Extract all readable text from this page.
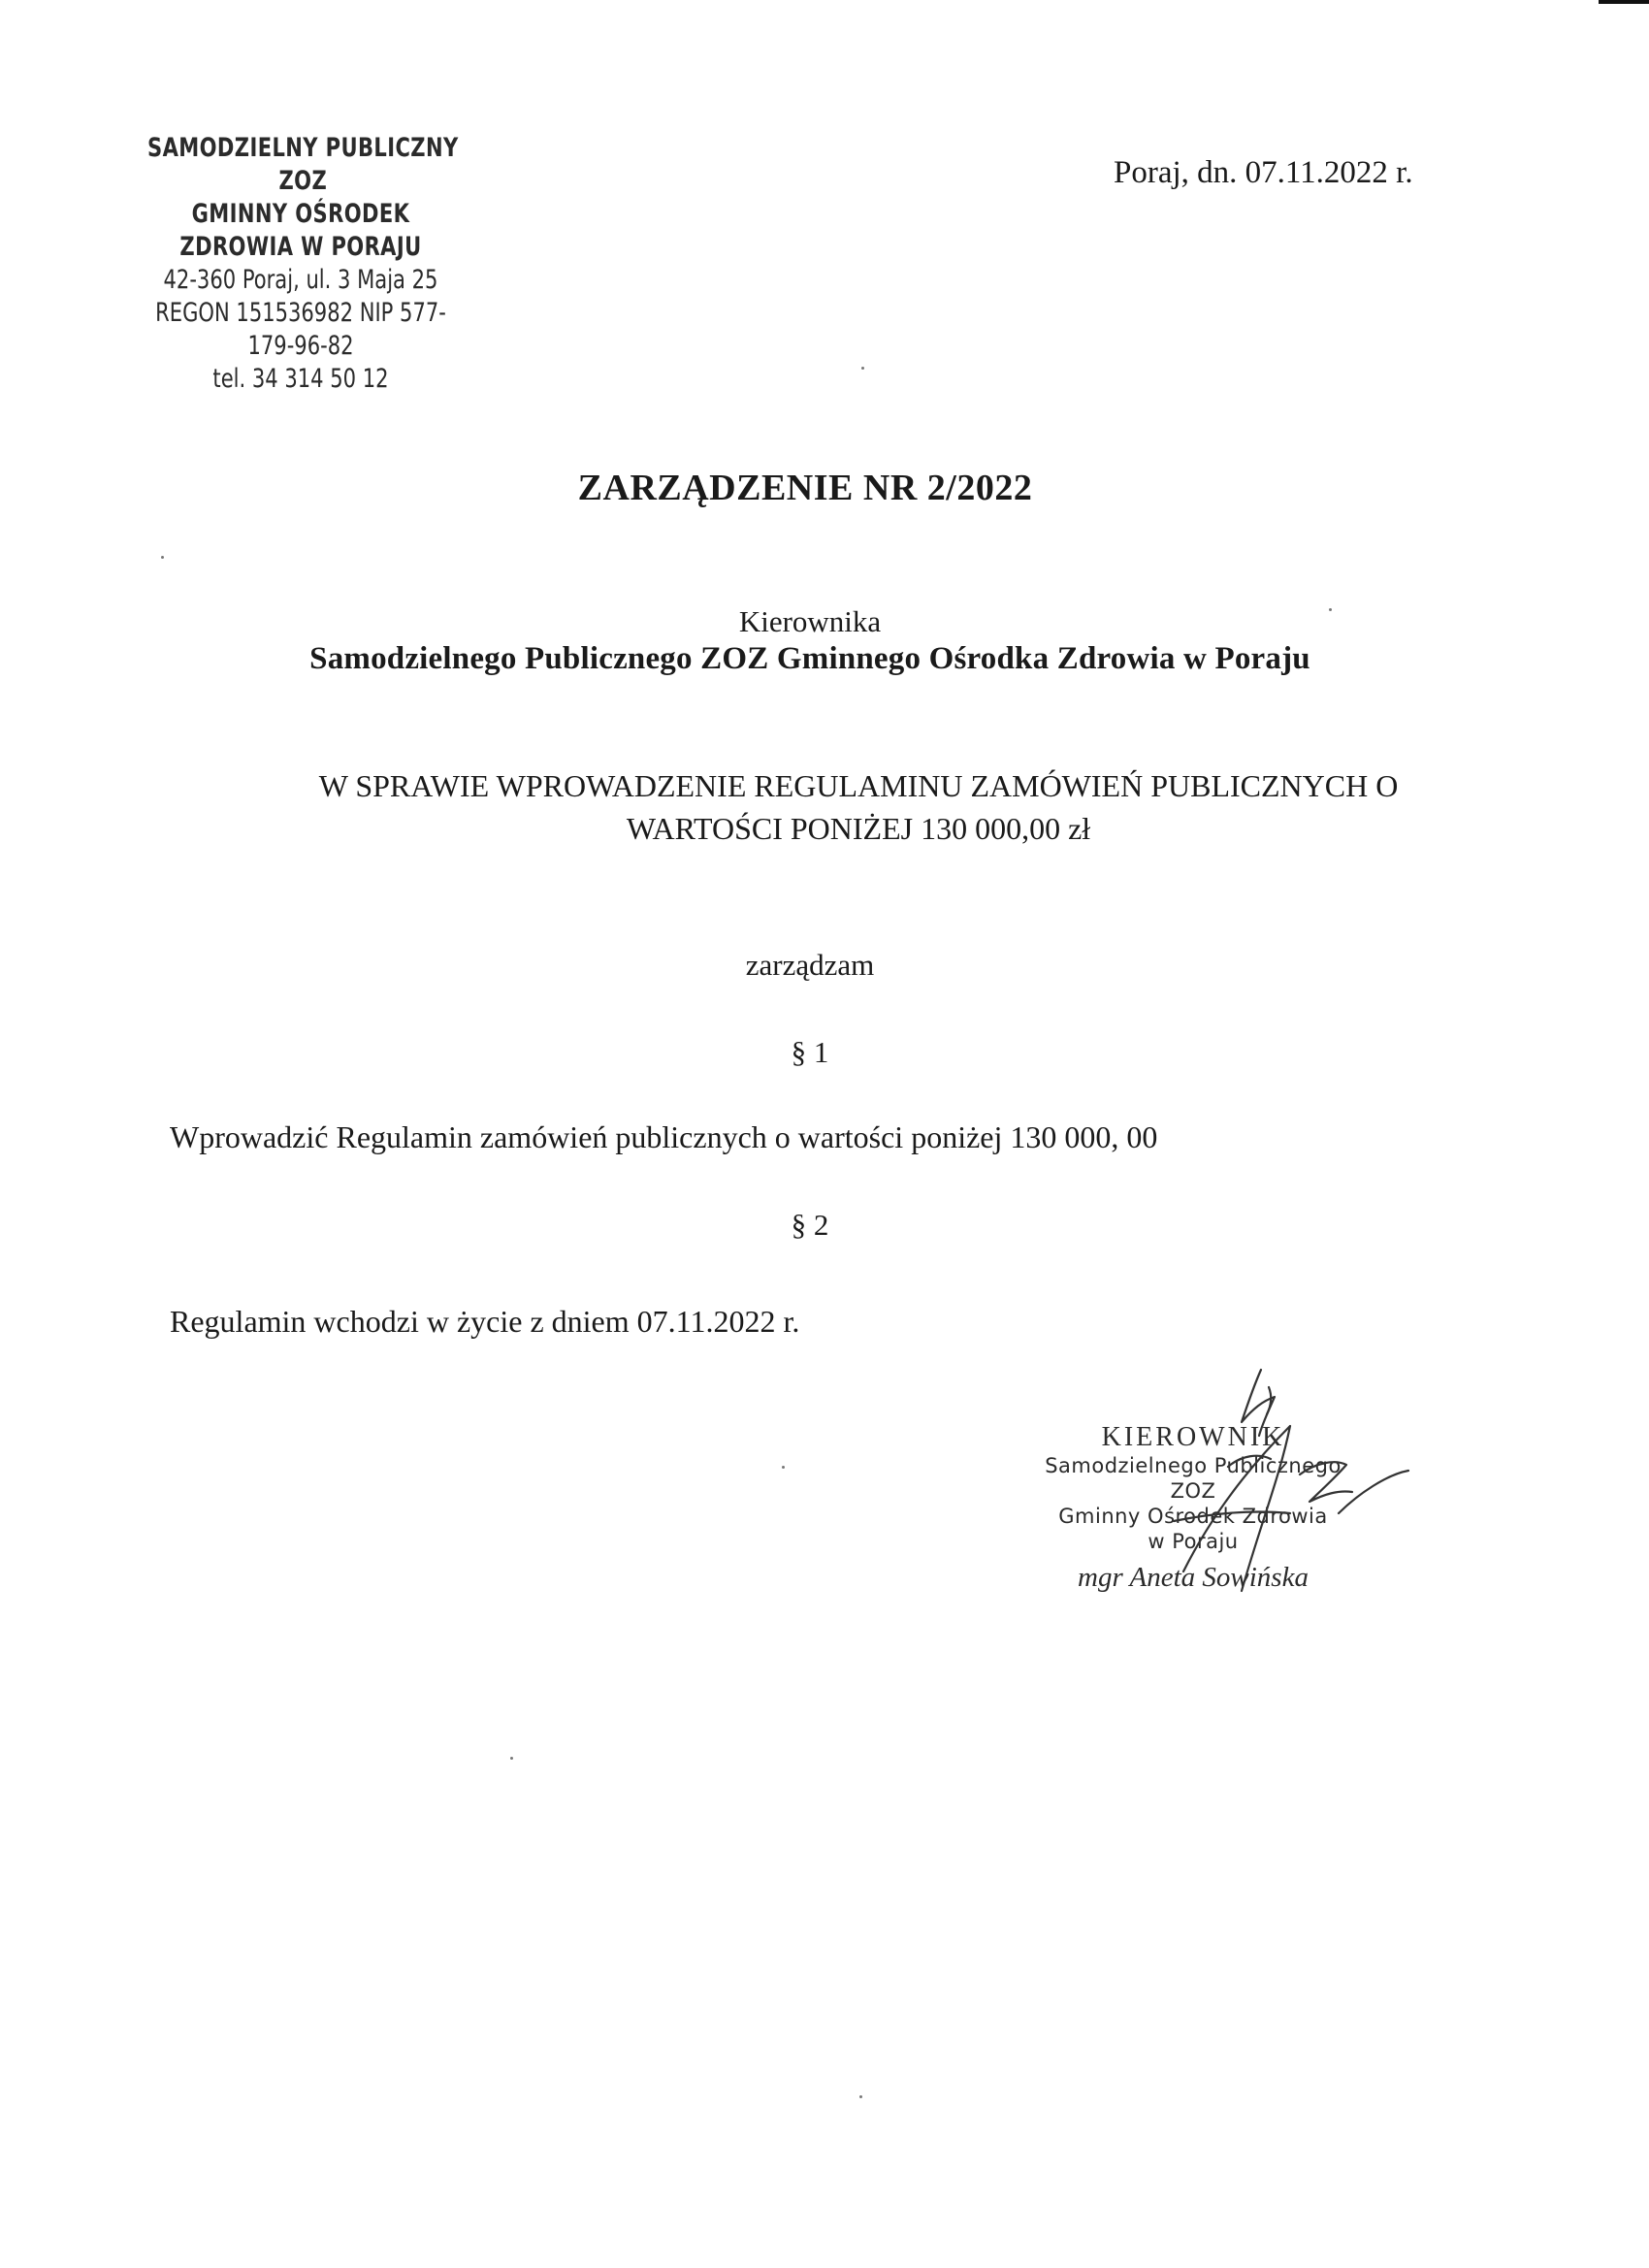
SAMODZIELNY PUBLICZNY ZOZ
GMINNY OŚRODEK ZDROWIA W PORAJU
42-360 Poraj, ul. 3 Maja 25
REGON 151536982 NIP 577-179-96-82
tel. 34 314 50 12
Poraj, dn. 07.11.2022 r.
ZARZĄDZENIE NR 2/2022
Kierownika
Samodzielnego Publicznego ZOZ Gminnego Ośrodka Zdrowia w Poraju
W SPRAWIE WPROWADZENIE REGULAMINU ZAMÓWIEŃ PUBLICZNYCH O
WARTOŚCI PONIŻEJ 130 000,00 zł
zarządzam
§ 1
Wprowadzić Regulamin zamówień publicznych o wartości poniżej 130 000, 00
§ 2
Regulamin wchodzi w życie z dniem 07.11.2022 r.
KIEROWNIK
Samodzielnego Publicznego ZOZ
Gminny Ośrodek Zdrowia
w Poraju
mgr Aneta Sowińska
